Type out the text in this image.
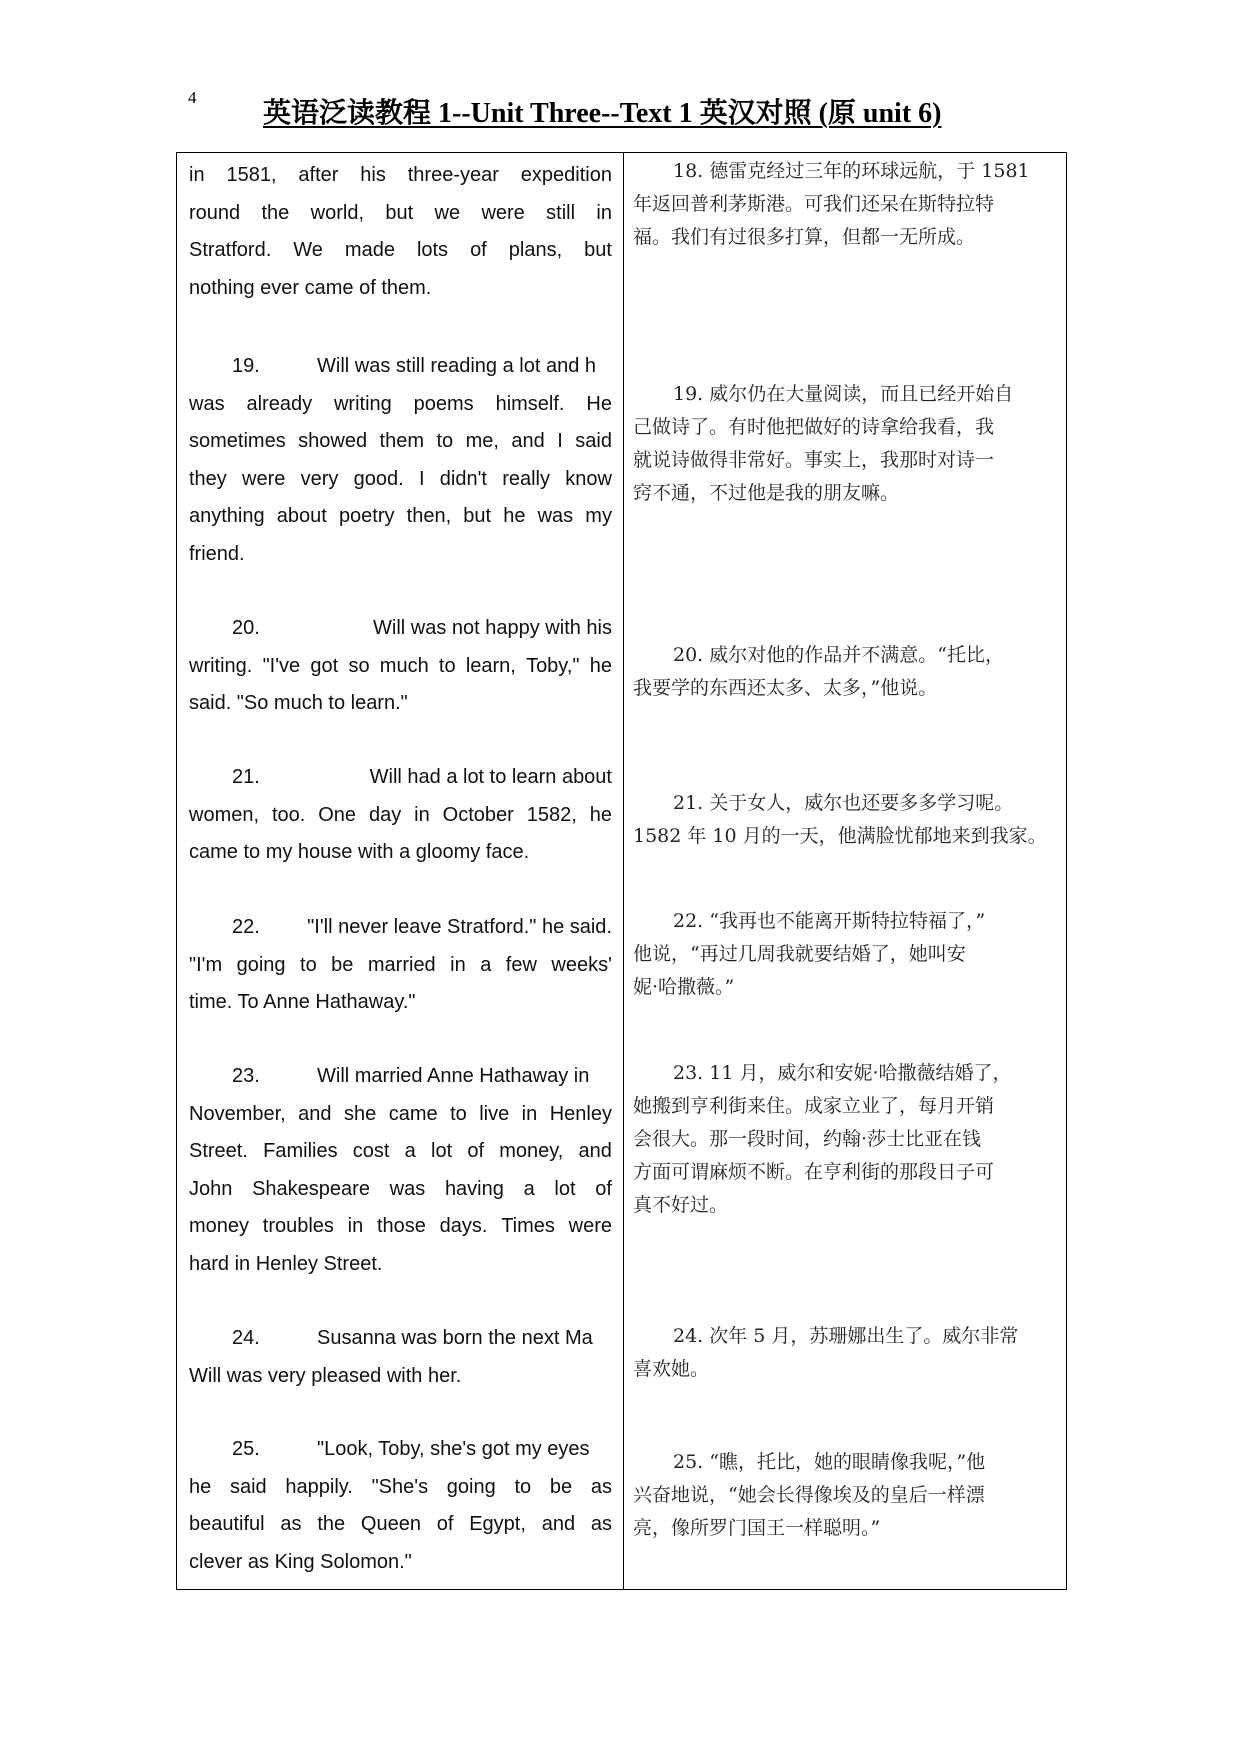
4
英语泛读教程 1--Unit Three--Text 1 英汉对照 (原 unit 6)
in 1581, after his three-year expedition
round the world, but we were still in
Stratford. We made lots of plans, but
nothing ever came of them.
18. 德雷克经过三年的环球远航，于 1581
年返回普利茅斯港。可我们还呆在斯特拉特
福。我们有过很多打算，但都一无所成。
19.	Will was still reading a lot and h
was already writing poems himself. He
sometimes showed them to me, and I said
they were very good. I didn't really know
anything about poetry then, but he was my
friend.
19. 威尔仍在大量阅读，而且已经开始自
己做诗了。有时他把做好的诗拿给我看，我
就说诗做得非常好。事实上，我那时对诗一
窍不通，不过他是我的朋友嘛。
20.	Will was not happy with his
writing. "I've got so much to learn, Toby," he
said. "So much to learn."
20. 威尔对他的作品并不满意。“托比，
我要学的东西还太多、太多，”他说。
21.	Will had a lot to learn about
women, too. One day in October 1582, he
came to my house with a gloomy face.
21. 关于女人，威尔也还要多多学习呢。
1582 年 10 月的一天，他满脸忧郁地来到我家。
22. "I'll never leave Stratford." he said.
"I'm going to be married in a few weeks'
time. To Anne Hathaway."
22. “我再也不能离开斯特拉特福了，”
他说，“再过几周我就要结婚了，她叫安
妮·哈撒薇。”
23.	Will married Anne Hathaway in
November, and she came to live in Henley
Street. Families cost a lot of money, and
John Shakespeare was having a lot of
money troubles in those days. Times were
hard in Henley Street.
23. 11 月，威尔和安妮·哈撒薇结婚了，
她搬到亨利街来住。成家立业了，每月开销
会很大。那一段时间，约翰·莎士比亚在钱
方面可谓麻烦不断。在亨利街的那段日子可
真不好过。
24.	Susanna was born the next Ma
Will was very pleased with her.
24. 次年 5 月，苏珊娜出生了。威尔非常
喜欢她。
25.	"Look, Toby, she's got my eyes
he said happily. "She's going to be as
beautiful as the Queen of Egypt, and as
clever as King Solomon."
25. “瞧，托比，她的眼睛像我呢，”他
兴奋地说，“她会长得像埃及的皇后一样漂
亮，像所罗门国王一样聪明。”
